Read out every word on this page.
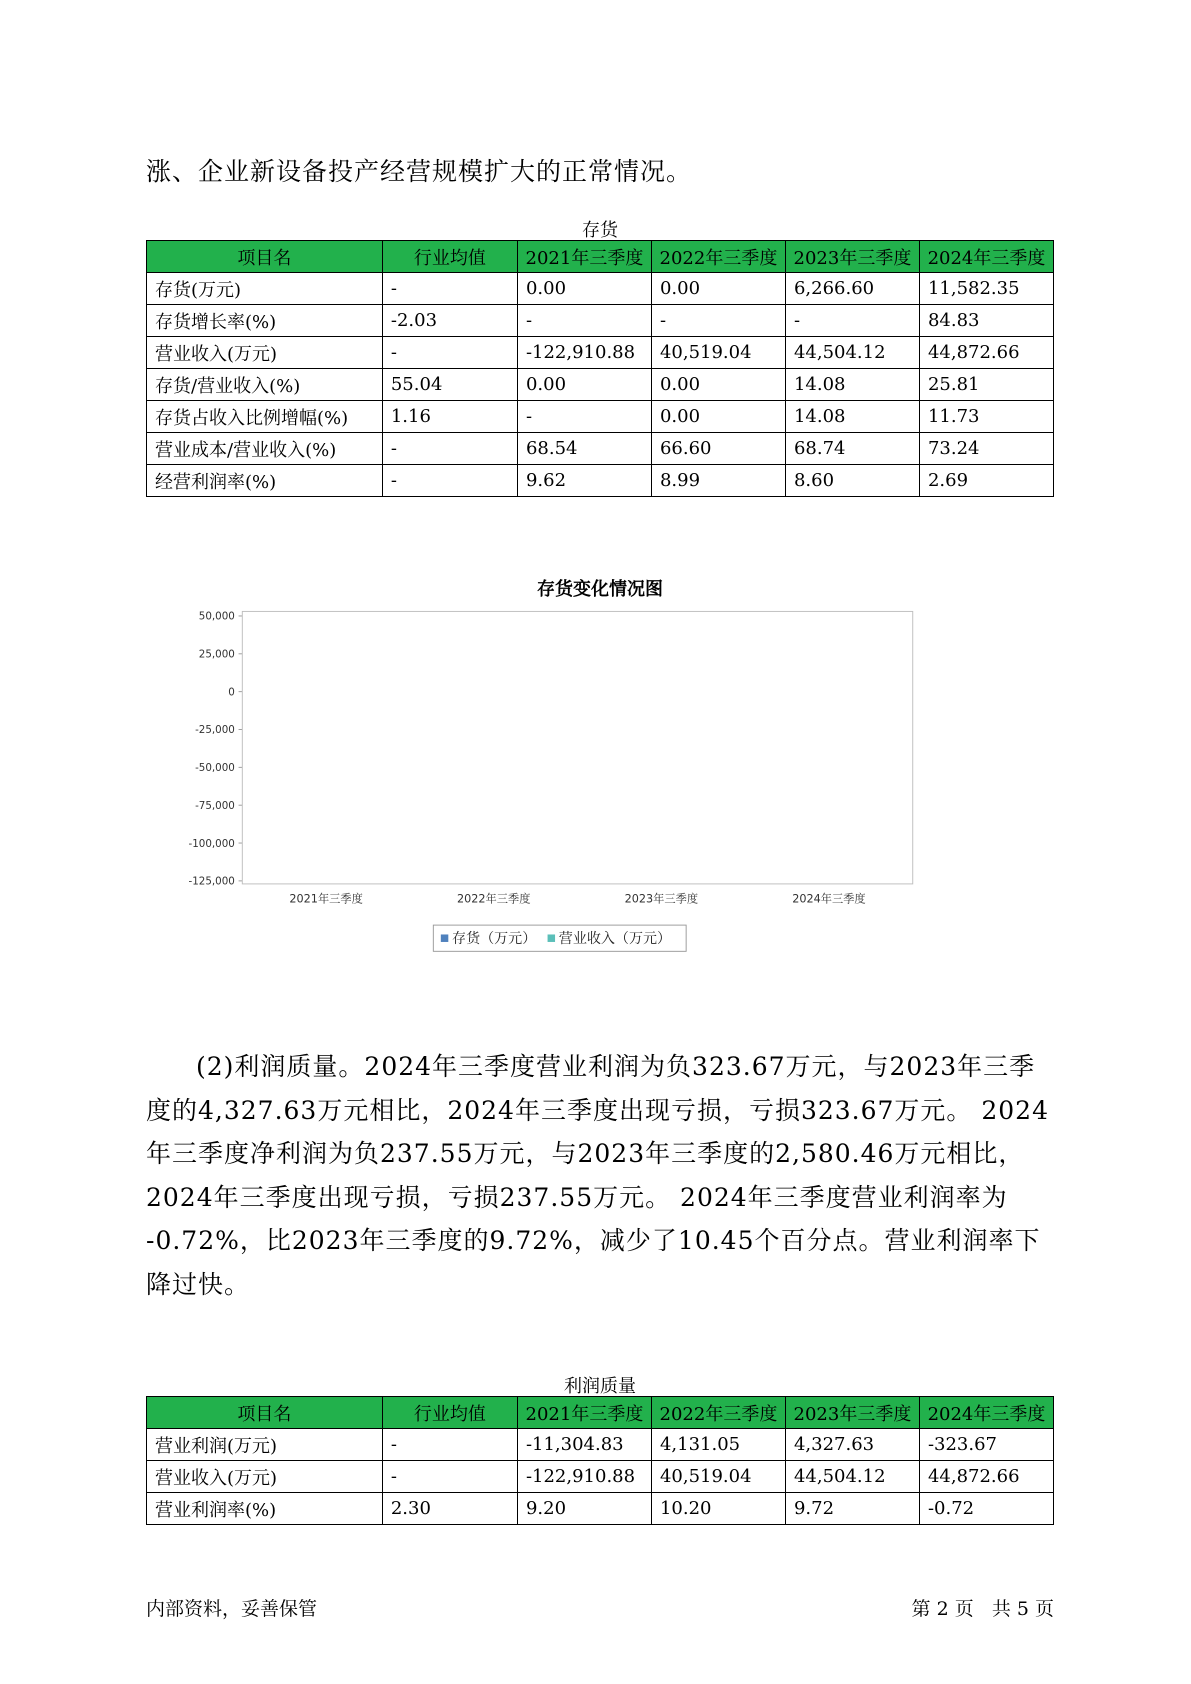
涨、企业新设备投产经营规模扩大的正常情况。

存货
项目名	行业均值	2021年三季度	2022年三季度	2023年三季度	2024年三季度
存货(万元)	-	0.00	0.00	6,266.60	11,582.35
存货增长率(%)	-2.03	-	-	-	84.83
营业收入(万元)	-	-122,910.88	40,519.04	44,504.12	44,872.66
存货/营业收入(%)	55.04	0.00	0.00	14.08	25.81
存货占收入比例增幅(%)	1.16	-	0.00	14.08	11.73
营业成本/营业收入(%)	-	68.54	66.60	68.74	73.24
经营利润率(%)	-	9.62	8.99	8.60	2.69
存货变化情况图
50,000
25,000
0
-25,000
-50,000
-75,000
-100,000
-125,000
2021年三季度	2022年三季度	2023年三季度	2024年三季度
存货（万元） 营业收入（万元）

(2)利润质量。2024年三季度营业利润为负323.67万元，与2023年三季

度的4,327.63万元相比，2024年三季度出现亏损，亏损323.67万元。 2024

年三季度净利润为负237.55万元，与2023年三季度的2,580.46万元相比，

2024年三季度出现亏损，亏损237.55万元。 2024年三季度营业利润率为

-0.72%，比2023年三季度的9.72%，减少了10.45个百分点。营业利润率下

降过快。

利润质量
项目名	行业均值	2021年三季度	2022年三季度	2023年三季度	2024年三季度
营业利润(万元)	-	-11,304.83	4,131.05	4,327.63	-323.67
营业收入(万元)	-	-122,910.88	40,519.04	44,504.12	44,872.66
营业利润率(%)	2.30	9.20	10.20	9.72	-0.72
内部资料，妥善保管	第 2 页   共 5 页
